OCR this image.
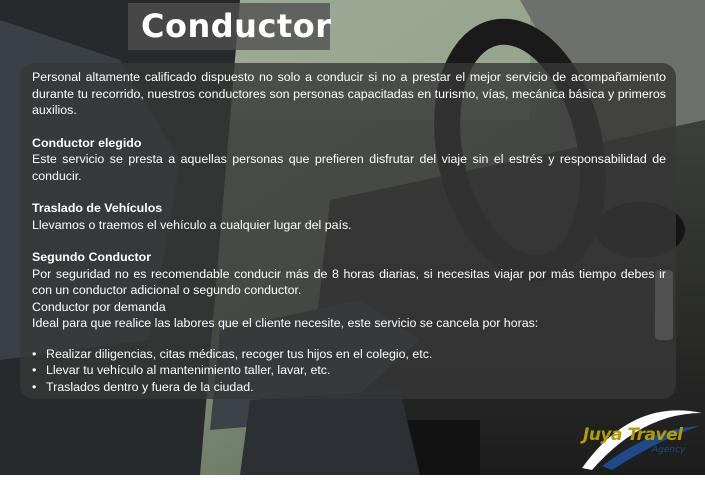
Conductor

Personal altamente calificado dispuesto no solo a conducir si no a prestar el mejor servicio de acompañamiento durante tu recorrido, nuestros conductores son personas capacitadas en turismo, vías, mecánica básica y primeros auxilios.

Conductor elegido

Este servicio se presta a aquellas personas que prefieren disfrutar del viaje sin el estrés y responsabilidad de conducir.

Traslado de Vehículos

Llevamos o traemos el vehículo a cualquier lugar del país.

Segundo Conductor

Por seguridad no es recomendable conducir más de 8 horas diarias, si necesitas viajar por más tiempo debes ir con un conductor adicional o segundo conductor.

Conductor por demanda

Ideal para que realice las labores que el cliente necesite, este servicio se cancela por horas:

• Realizar diligencias, citas médicas, recoger tus hijos en el colegio, etc.
• Llevar tu vehículo al mantenimiento taller, lavar, etc.
• Traslados dentro y fuera de la ciudad.
Juya Travel
Agency
